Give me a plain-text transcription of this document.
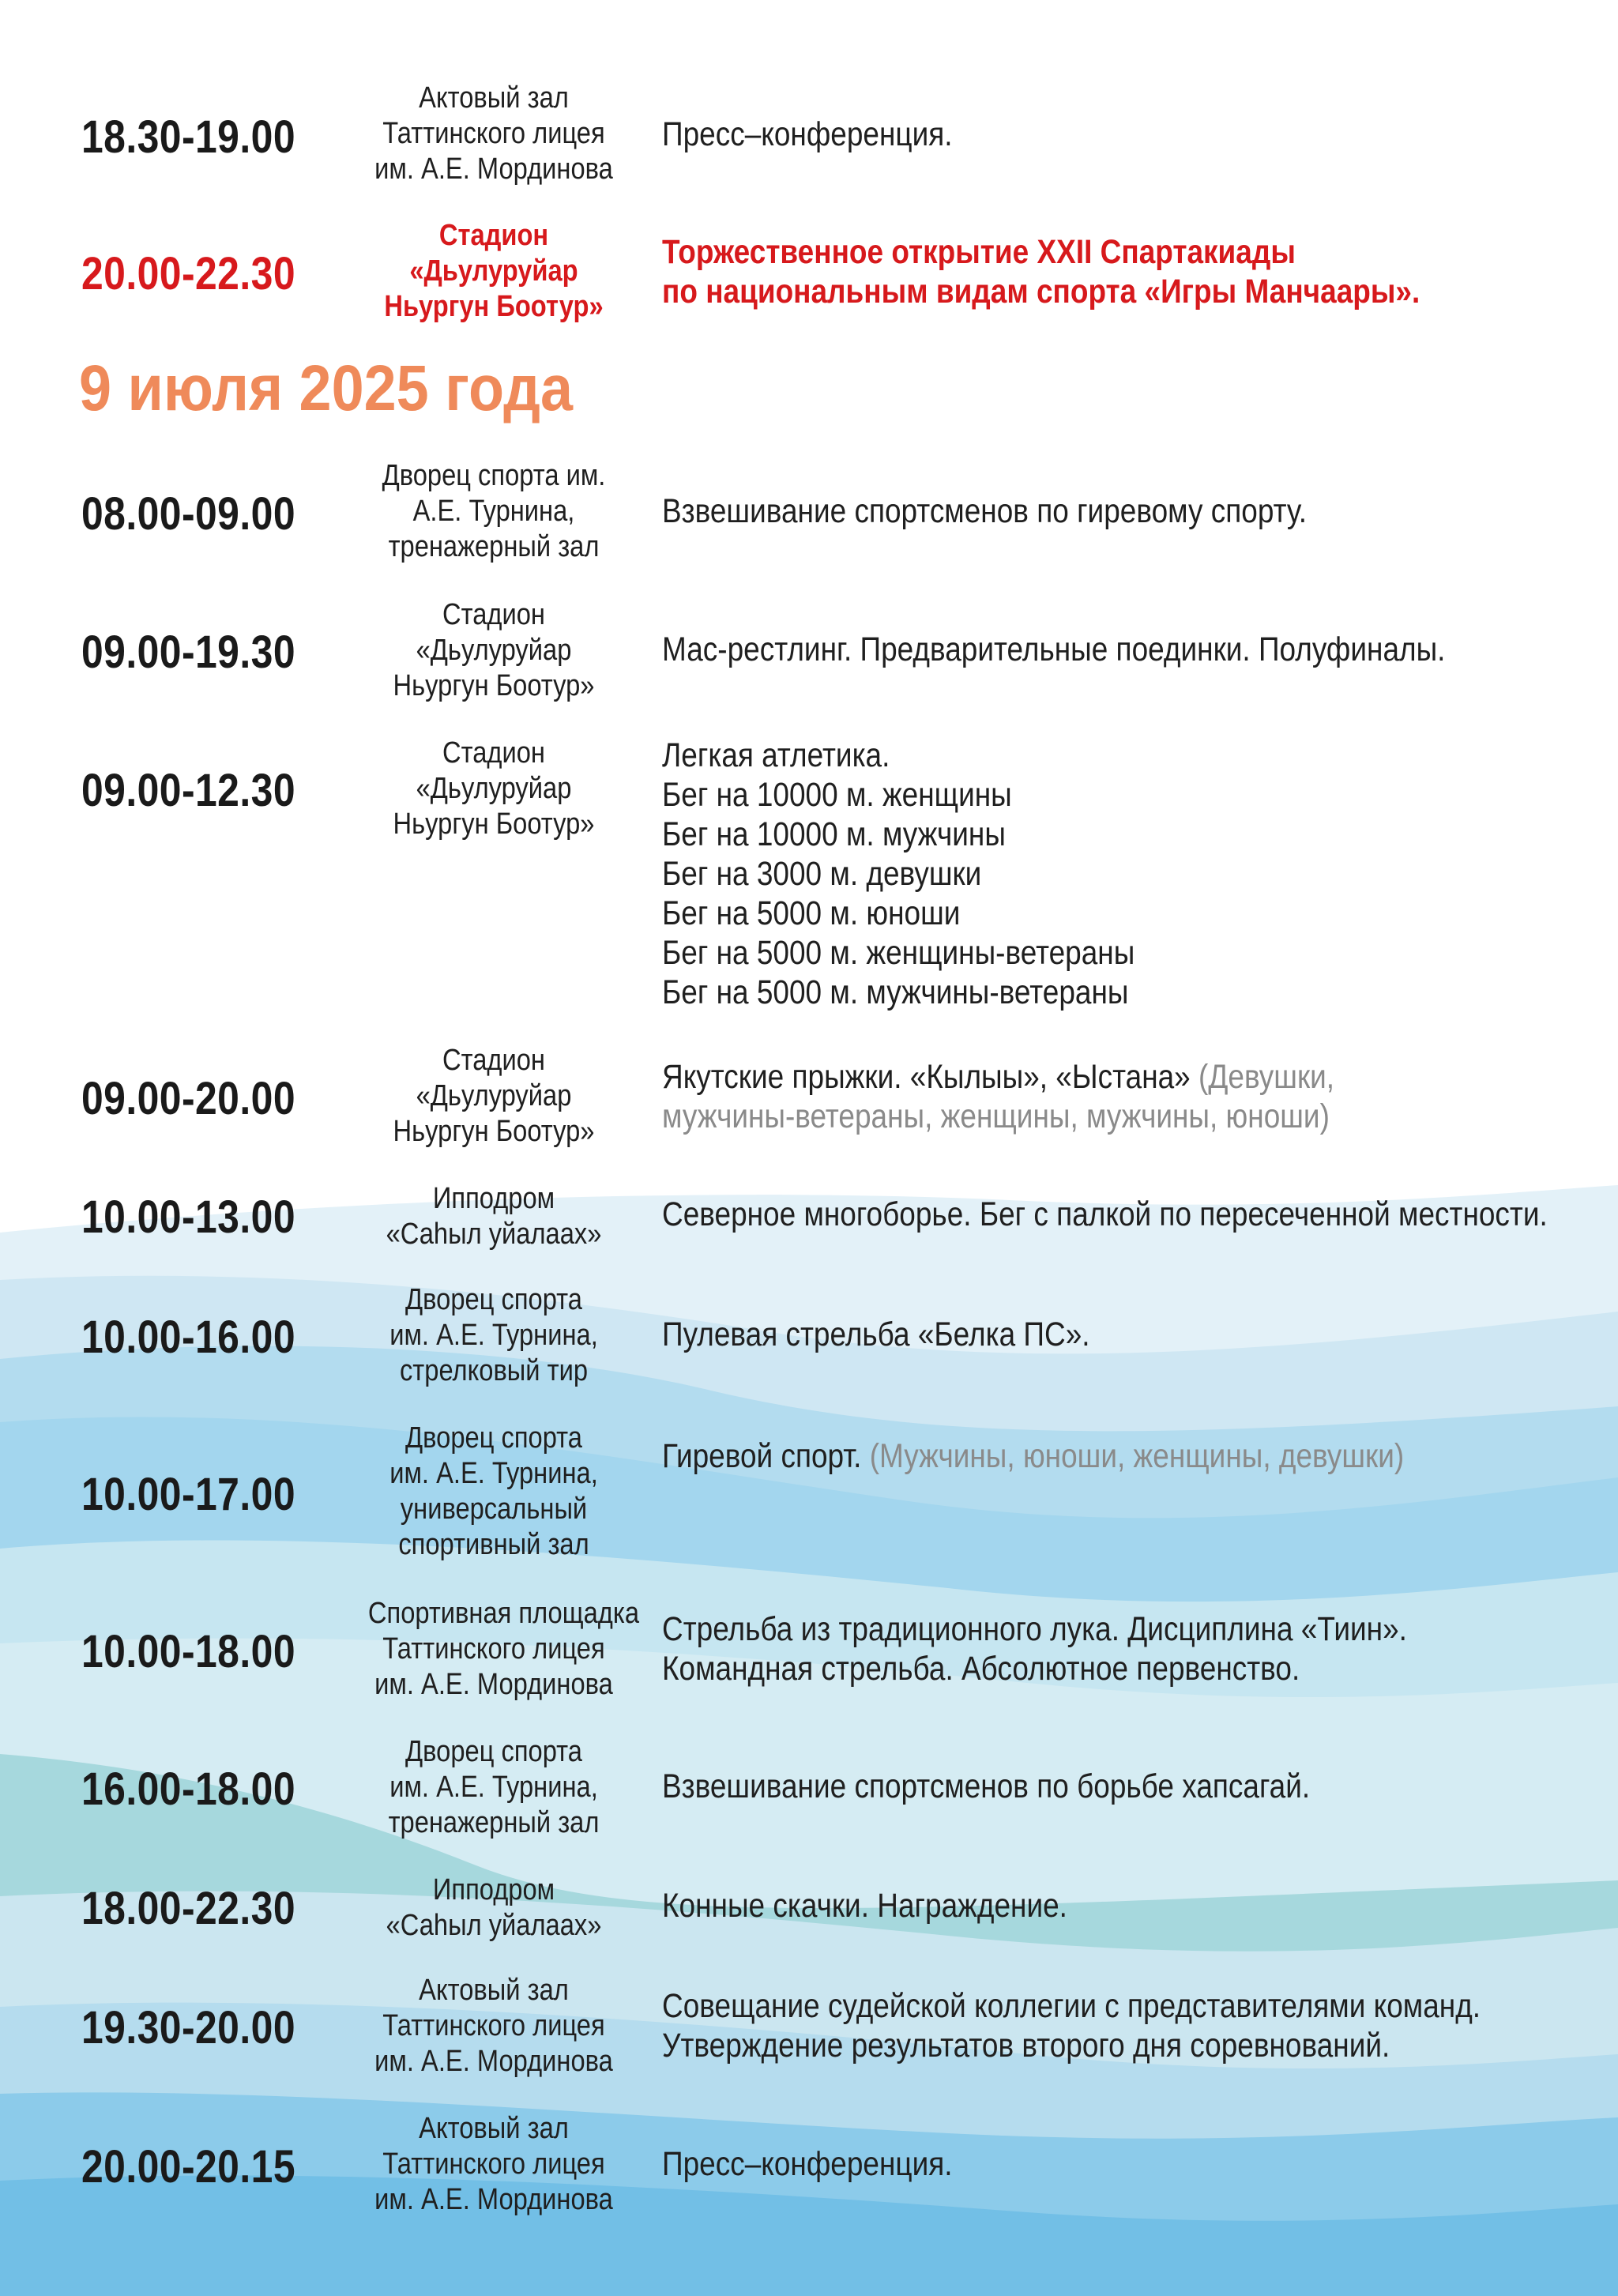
18.30-19.00
Актовый зал
Таттинского лицея
им. А.Е. Мординова
Пресс–конференция.
20.00-22.30
Стадион
«Дьулуруйар
Ньургун Боотур»
Торжественное открытие XXII Спартакиады
по национальным видам спорта «Игры Манчаары».
9 июля 2025 года
08.00-09.00
Дворец спорта им.
А.Е. Турнина,
тренажерный зал
Взвешивание спортсменов по гиревому спорту.
09.00-19.30
Стадион
«Дьулуруйар
Ньургун Боотур»
Мас-рестлинг. Предварительные поединки. Полуфиналы.
09.00-12.30
Стадион
«Дьулуруйар
Ньургун Боотур»
Легкая атлетика.
Бег на 10000 м. женщины
Бег на 10000 м. мужчины
Бег на 3000 м. девушки
Бег на 5000 м. юноши
Бег на 5000 м. женщины-ветераны
Бег на 5000 м. мужчины-ветераны
09.00-20.00
Стадион
«Дьулуруйар
Ньургун Боотур»
Якутские прыжки. «Кылыы», «Ыстана» (Девушки,
мужчины-ветераны, женщины, мужчины, юноши)
10.00-13.00	Ипподром
«Саһыл уйалаах»
Северное многоборье. Бег с палкой по пересеченной местности.
10.00-16.00
Дворец спорта
им. А.Е. Турнина,
стрелковый тир
Пулевая стрельба «Белка ПС».
10.00-17.00
Дворец спорта
им. А.Е. Турнина,
универсальный
спортивный зал
Гиревой спорт. (Мужчины, юноши, женщины, девушки)
10.00-18.00
Спортивная площадка
Таттинского лицея
им. А.Е. Мординова
Стрельба из традиционного лука. Дисциплина «Тиин».
Командная стрельба. Абсолютное первенство.
16.00-18.00
Дворец спорта
им. А.Е. Турнина,
тренажерный зал
Взвешивание спортсменов по борьбе хапсагай.
18.00-22.30	Ипподром
«Саһыл уйалаах»
Конные скачки. Награждение.
19.30-20.00
Актовый зал
Таттинского лицея
им. А.Е. Мординова
Совещание судейской коллегии с представителями команд.
Утверждение результатов второго дня соревнований.
20.00-20.15
Актовый зал
Таттинского лицея
им. А.Е. Мординова
Пресс–конференция.
